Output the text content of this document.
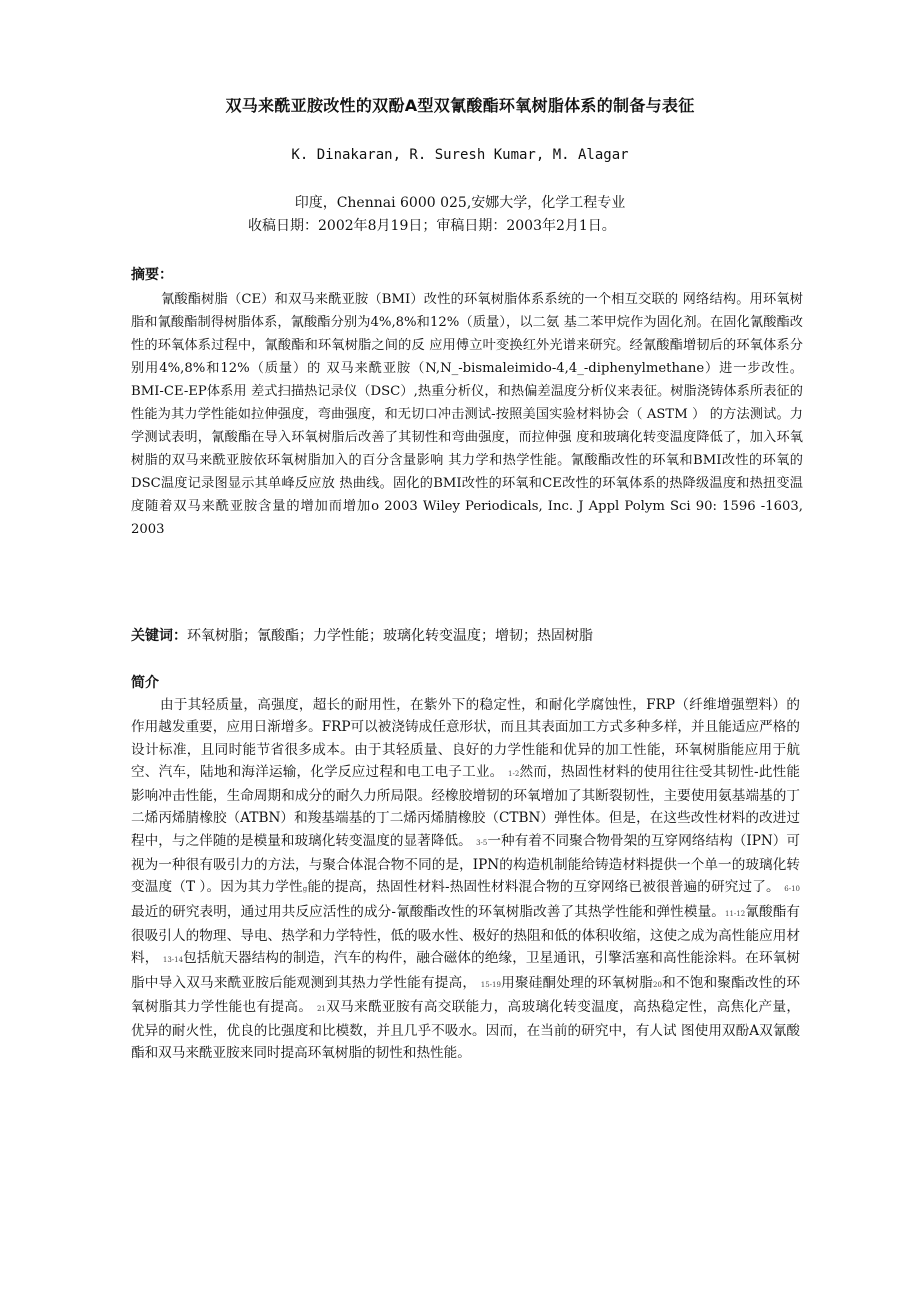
双马来酰亚胺改性的双酚A型双氰酸酯环氧树脂体系的制备与表征
K. Dinakaran, R. Suresh Kumar, M. Alagar
印度，Chennai 6000 025,安娜大学，化学工程专业
收稿日期：2002年8月19日；审稿日期：2003年2月1日。
摘要：

氰酸酯树脂（CE）和双马来酰亚胺（BMI）改性的环氧树脂体系系统的一个相互交联的 网络结构。用环氧树脂和氰酸酯制得树脂体系，氰酸酯分别为4%,8%和12%（质量），以二氨 基二苯甲烷作为固化剂。在固化氰酸酯改性的环氧体系过程中，氰酸酯和环氧树脂之间的反 应用傅立叶变换红外光谱来研究。经氰酸酯增韧后的环氧体系分别用4%,8%和12%（质量）的 双马来酰亚胺（N,N_-bismaleimido-4,4_-diphenylmethane）进一步改性。BMI-CE-EP体系用 差式扫描热记录仪（DSC）,热重分析仪，和热偏差温度分析仪来表征。树脂浇铸体系所表征的性能为其力学性能如拉伸强度，弯曲强度，和无切口冲击测试-按照美国实验材料协会（ ASTM ） 的方法测试。力学测试表明，氰酸酯在导入环氧树脂后改善了其韧性和弯曲强度，而拉伸强 度和玻璃化转变温度降低了，加入环氧树脂的双马来酰亚胺依环氧树脂加入的百分含量影响 其力学和热学性能。氰酸酯改性的环氧和BMI改性的环氧的DSC温度记录图显示其单峰反应放 热曲线。固化的BMI改性的环氧和CE改性的环氧体系的热降级温度和热扭变温度随着双马来酰亚胺含量的增加而增加o 2003 Wiley Periodicals, Inc. J Appl Polym Sci 90: 1596 -1603, 2003

关键词：环氧树脂；氰酸酯；力学性能；玻璃化转变温度；增韧；热固树脂
简介

由于其轻质量，高强度，超长的耐用性，在紫外下的稳定性，和耐化学腐蚀性，FRP（纤维增强塑料）的作用越发重要，应用日渐增多。FRP可以被浇铸成任意形状，而且其表面加工方式多种多样，并且能适应严格的设计标准，且同时能节省很多成本。由于其轻质量、良好的力学性能和优异的加工性能，环氧树脂能应用于航空、汽车，陆地和海洋运输，化学反应过程和电工电子工业。 1-2然而，热固性材料的使用往往受其韧性-此性能影响冲击性能，生命周期和成分的耐久力所局限。经橡胶增韧的环氧增加了其断裂韧性，主要使用氨基端基的丁二烯丙烯腈橡胶（ATBN）和羧基端基的丁二烯丙烯腈橡胶（CTBN）弹性体。但是，在这些改性材料的改进过程中，与之伴随的是模量和玻璃化转变温度的显著降低。 3-5一种有着不同聚合物骨架的互穿网络结构（IPN）可视为一种很有吸引力的方法，与聚合体混合物不同的是，IPN的构造机制能给铸造材料提供一个单一的玻璃化转变温度（T ）。因为其力学性g能的提高，热固性材料-热固性材料混合物的互穿网络已被很普遍的研究过了。 6-10最近的研究表明，通过用共反应活性的成分-氰酸酯改性的环氧树脂改善了其热学性能和弹性模量。11-12氰酸酯有很吸引人的物理、导电、热学和力学特性，低的吸水性、极好的热阻和低的体积收缩，这使之成为高性能应用材料， 13-14包括航天器结构的制造，汽车的构件，融合磁体的绝缘，卫星通讯，引擎活塞和高性能涂料。在环氧树脂中导入双马来酰亚胺后能观测到其热力学性能有提高， 15-19用聚硅酮处理的环氧树脂20和不饱和聚酯改性的环氧树脂其力学性能也有提高。 21双马来酰亚胺有高交联能力，高玻璃化转变温度，高热稳定性，高焦化产量， 优异的耐火性，优良的比强度和比模数，并且几乎不吸水。因而，在当前的研究中，有人试 图使用双酚A双氰酸酯和双马来酰亚胺来同时提高环氧树脂的韧性和热性能。
